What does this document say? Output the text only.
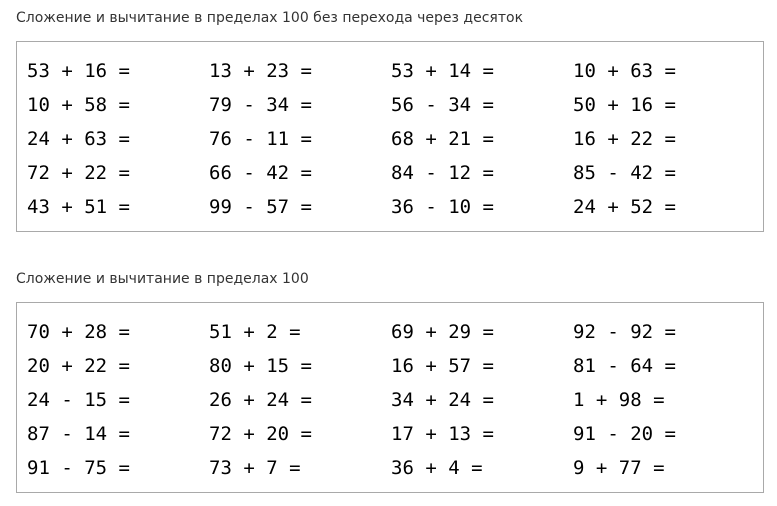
Сложение и вычитание в пределах 100 без перехода через десяток
53 + 16 =	13 + 23 =	53 + 14 =	10 + 63 =
10 + 58 =	79 - 34 =	56 - 34 =	50 + 16 =
24 + 63 =	76 - 11 =	68 + 21 =	16 + 22 =
72 + 22 =	66 - 42 =	84 - 12 =	85 - 42 =
43 + 51 =	99 - 57 =	36 - 10 =	24 + 52 =
Сложение и вычитание в пределах 100
70 + 28 =	51 + 2 =	69 + 29 =	92 - 92 =
20 + 22 =	80 + 15 =	16 + 57 =	81 - 64 =
24 - 15 =	26 + 24 =	34 + 24 =	1 + 98 =
87 - 14 =	72 + 20 =	17 + 13 =	91 - 20 =
91 - 75 =	73 + 7 =	36 + 4 =	9 + 77 =
